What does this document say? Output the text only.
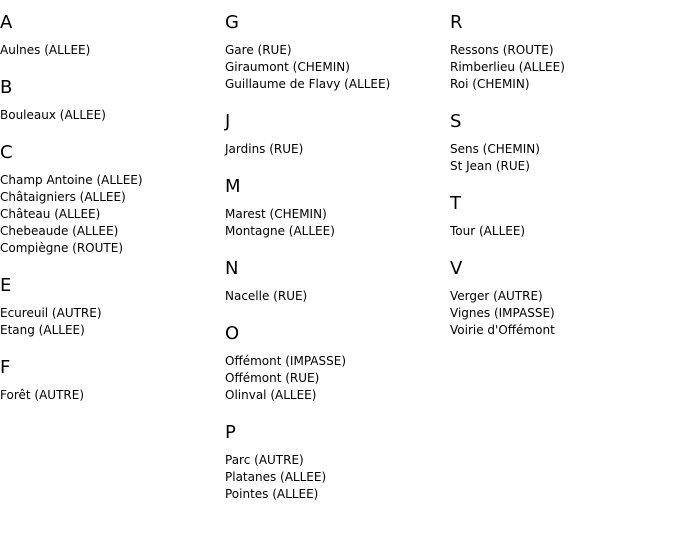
A
Aulnes (ALLEE)
B
Bouleaux (ALLEE)
C
Champ Antoine (ALLEE)
Châtaigniers (ALLEE)
Château (ALLEE)
Chebeaude (ALLEE)
Compiègne (ROUTE)
E
Ecureuil (AUTRE)
Etang (ALLEE)
F
Forêt (AUTRE)
G
Gare (RUE)
Giraumont (CHEMIN)
Guillaume de Flavy (ALLEE)
J
Jardins (RUE)
M
Marest (CHEMIN)
Montagne (ALLEE)
N
Nacelle (RUE)
O
Offémont (IMPASSE)
Offémont (RUE)
Olinval (ALLEE)
P
Parc (AUTRE)
Platanes (ALLEE)
Pointes (ALLEE)
R
Ressons (ROUTE)
Rimberlieu (ALLEE)
Roi (CHEMIN)
S
Sens (CHEMIN)
St Jean (RUE)
T
Tour (ALLEE)
V
Verger (AUTRE)
Vignes (IMPASSE)
Voirie d'Offémont
